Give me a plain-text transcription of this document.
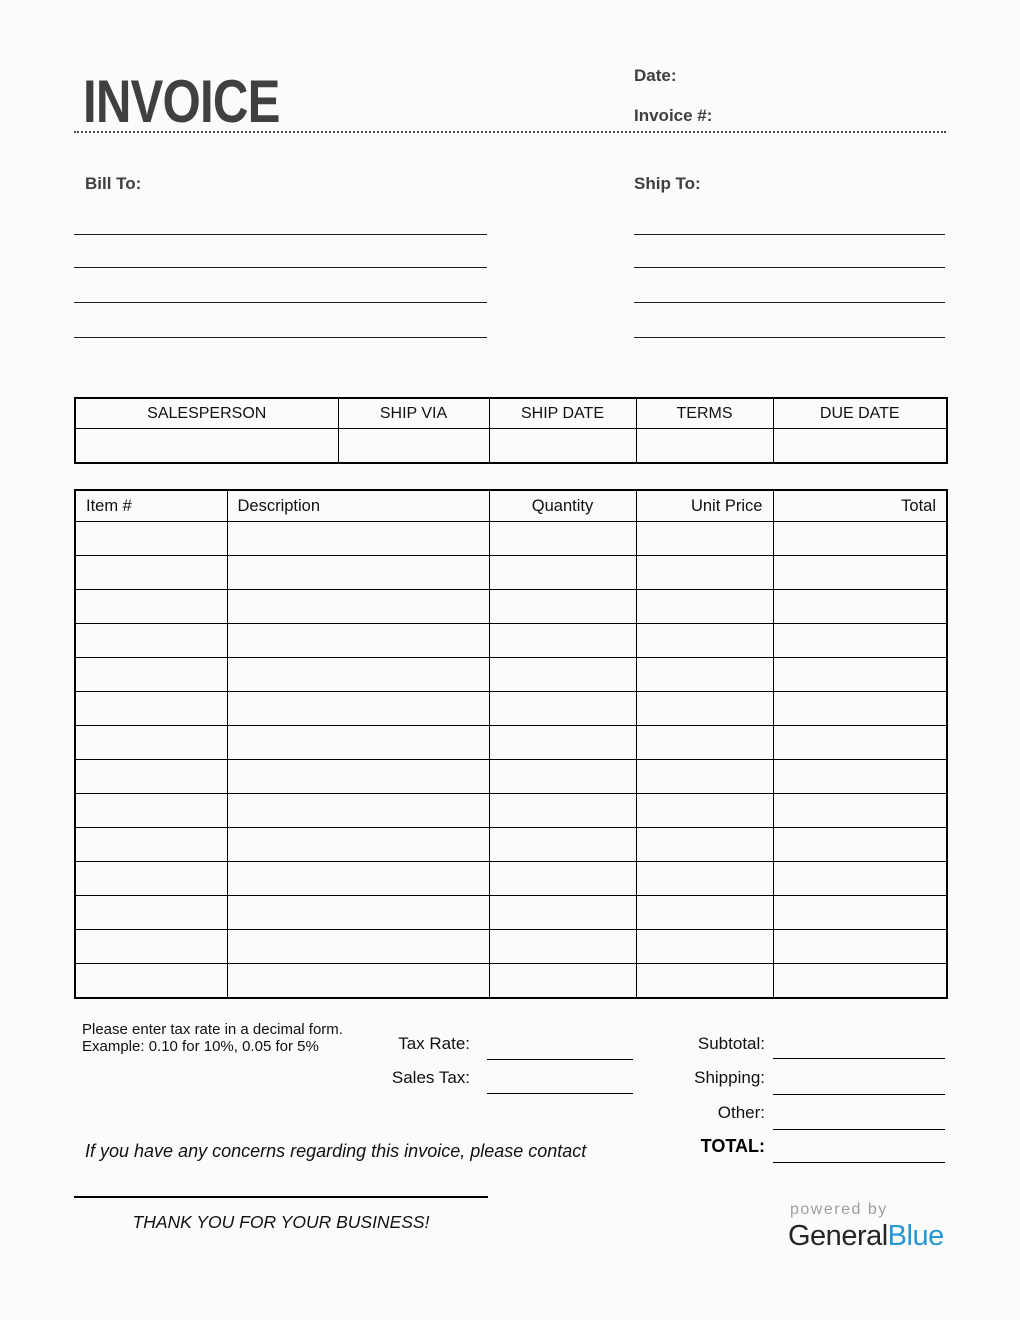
INVOICE	Date:
Invoice #:
Bill To:	Ship To:
SALESPERSON	SHIP VIA	SHIP DATE	TERMS	DUE DATE

Item #	Description	Quantity	Unit Price	Total

Please enter tax rate in a decimal form.
Example: 0.10 for 10%, 0.05 for 5%	Tax Rate:
Sales Tax:
Subtotal:
Shipping:
Other:
TOTAL:
If you have any concerns regarding this invoice, please contact
THANK YOU FOR YOUR BUSINESS!
powered by
GeneralBlue
